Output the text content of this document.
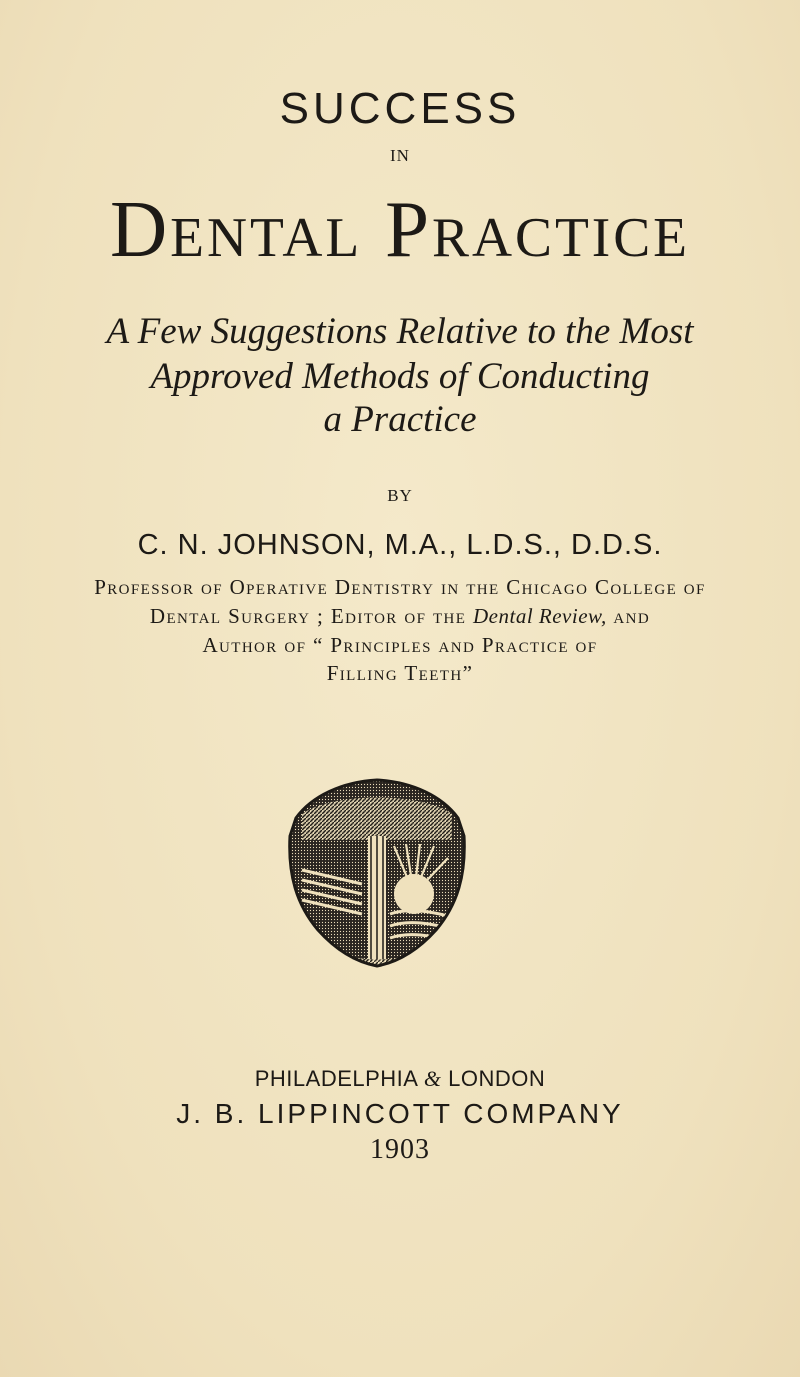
SUCCESS
IN
Dental Practice
A Few Suggestions Relative to the Most
Approved Methods of Conducting
a Practice
BY
C. N. JOHNSON, M.A., L.D.S., D.D.S.
Professor of Operative Dentistry in the Chicago College of
Dental Surgery ; Editor of the Dental Review, and
Author of “ Principles and Practice of
Filling Teeth”
PHILADELPHIA & LONDON
J. B. LIPPINCOTT COMPANY
1903
